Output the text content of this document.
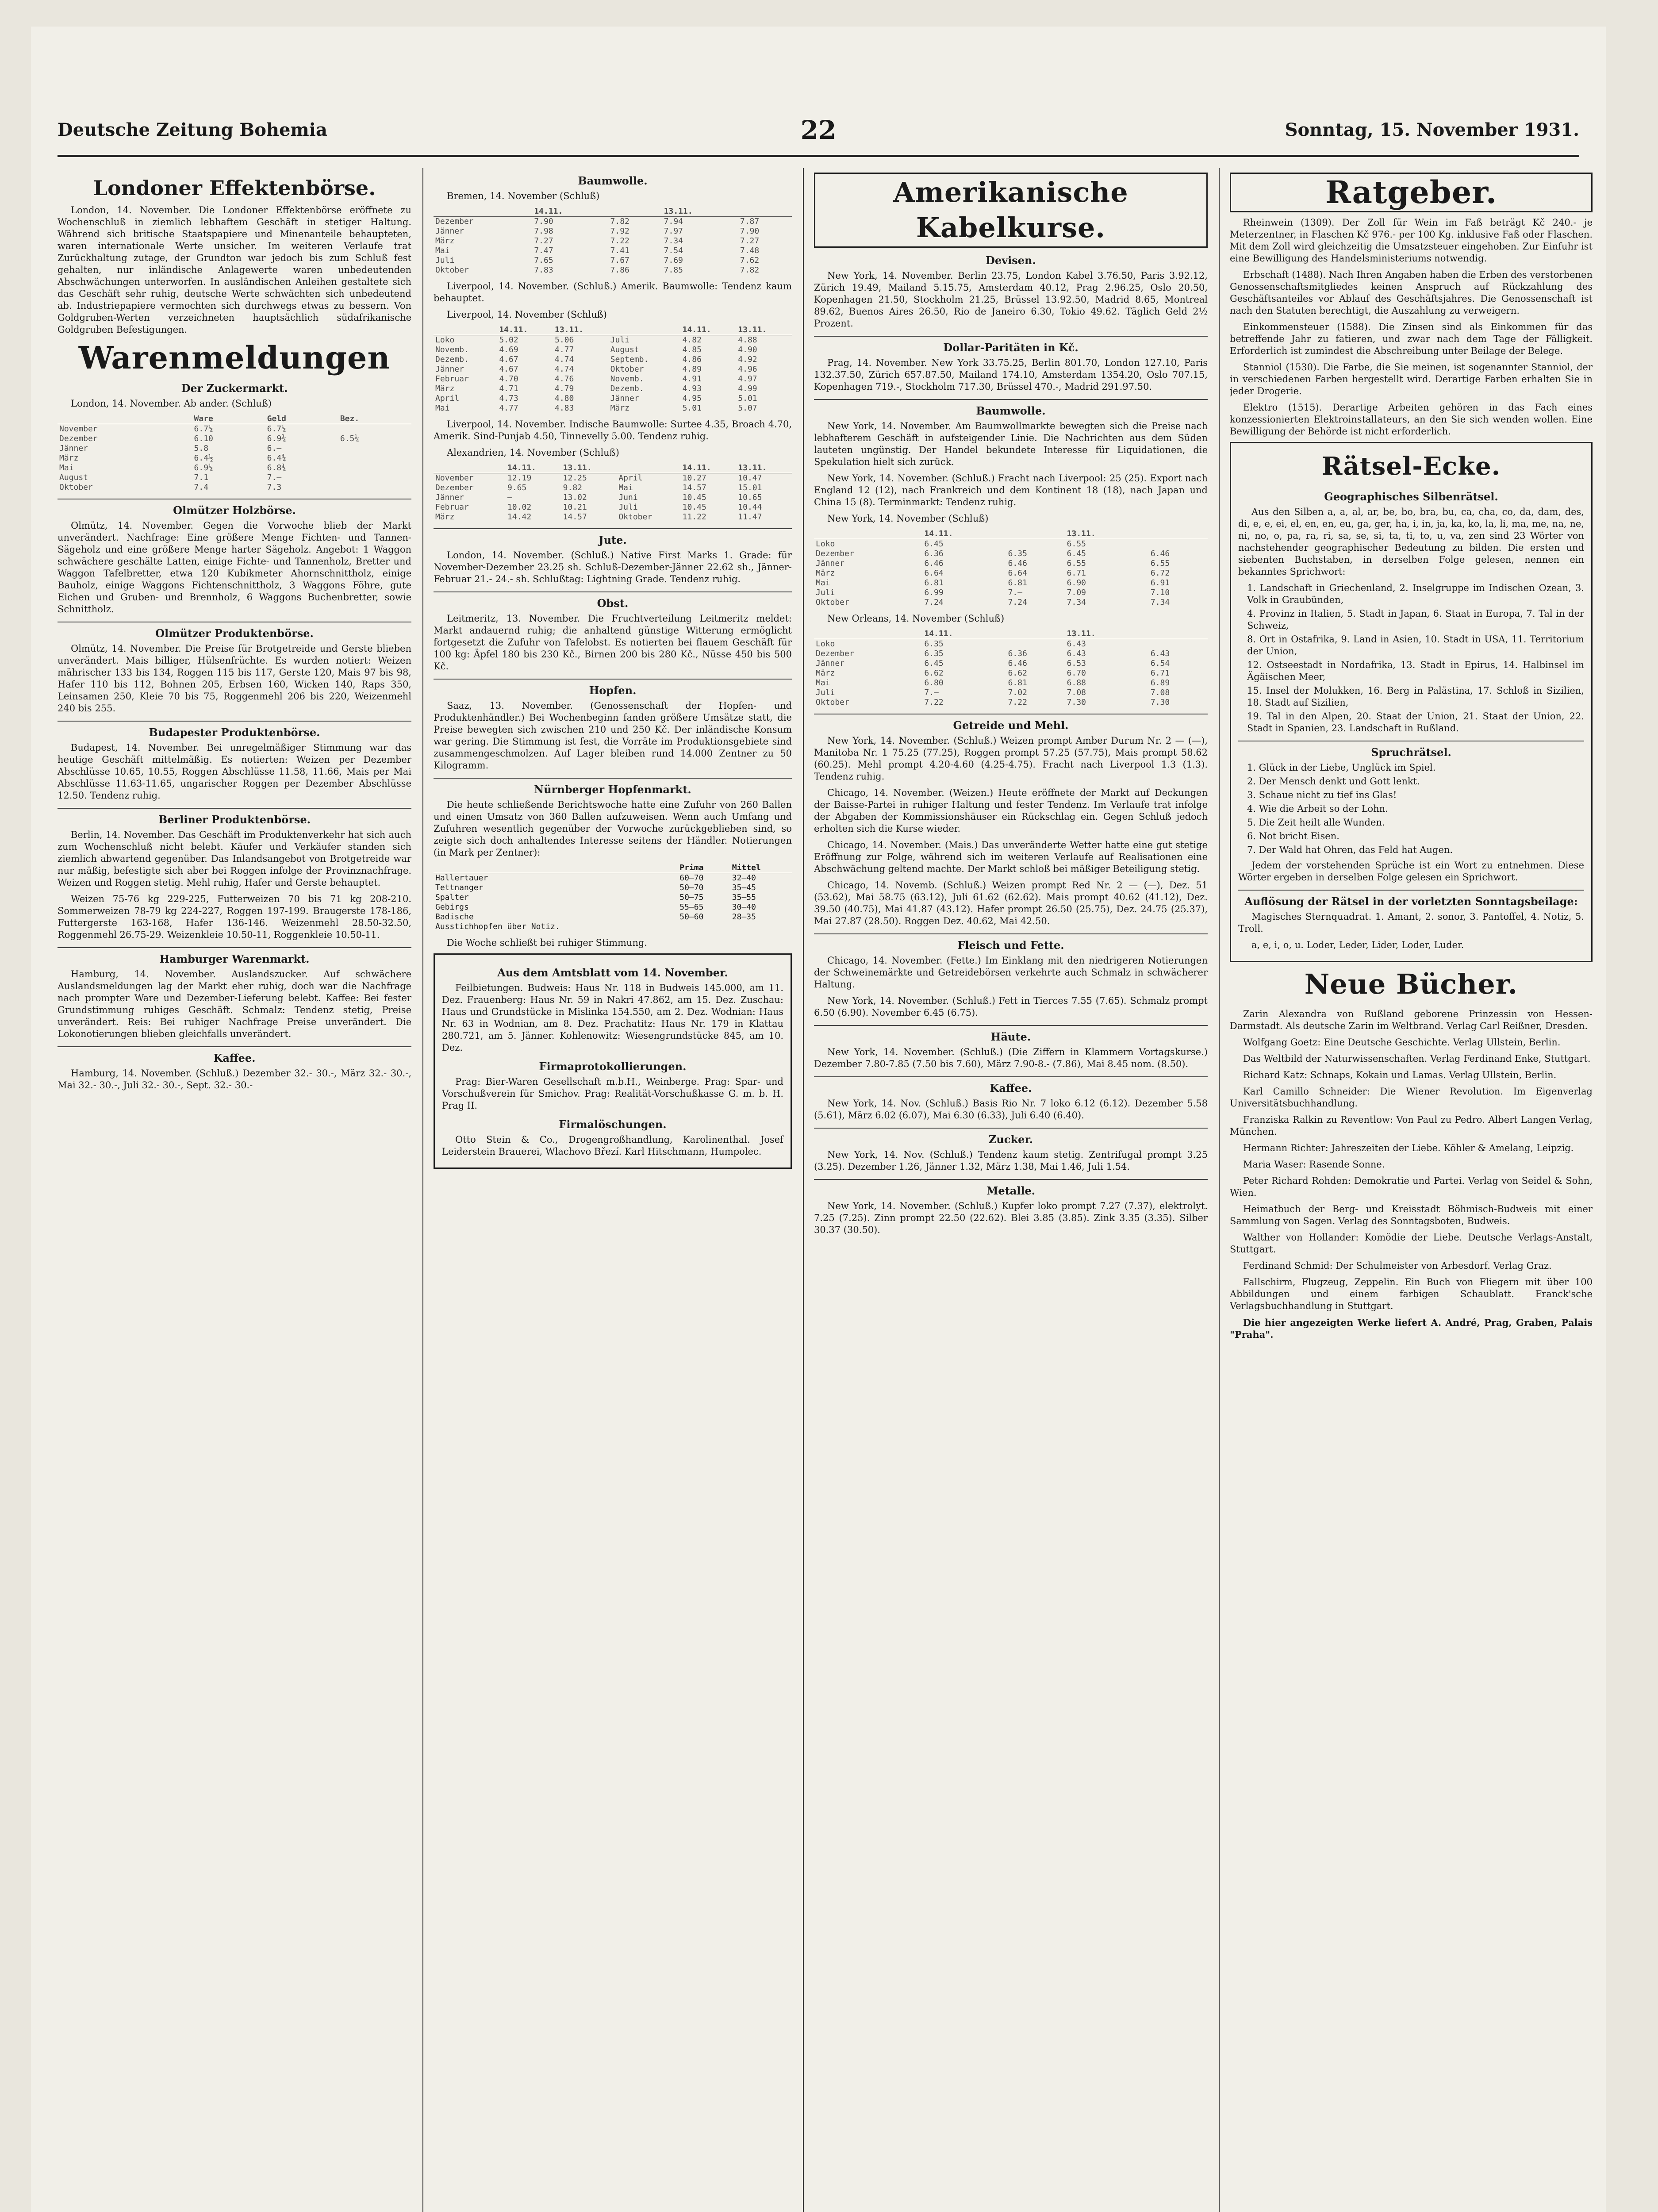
Deutsche Zeitung Bohemia	22	Sonntag, 15. November 1931.
Londoner Effektenbörse.

London, 14. November. Die Londoner Effektenbörse eröffnete zu Wochenschluß in ziemlich lebhaftem Geschäft in stetiger Haltung. Während sich britische Staatspapiere und Minenanteile behaupteten, waren internationale Werte unsicher. Im weiteren Verlaufe trat Zurückhaltung zutage, der Grundton war jedoch bis zum Schluß fest gehalten, nur inländische Anlagewerte waren unbedeutenden Abschwächungen unterworfen. In ausländischen Anleihen gestaltete sich das Geschäft sehr ruhig, deutsche Werte schwächten sich unbedeutend ab. Industriepapiere vermochten sich durchwegs etwas zu bessern. Von Goldgruben-Werten verzeichneten hauptsächlich südafrikanische Goldgruben Befestigungen.

Warenmeldungen
Der Zuckermarkt.

London, 14. November. Ab ander. (Schluß)

	Ware	Geld	Bez.
November	6.7¼	6.7¼	
Dezember	6.10	6.9¾	6.5¼
Jänner	5.8	6.—	
März	6.4½	6.4¾	
Mai	6.9¼	6.8¾	
August	7.1	7.—	
Oktober	7.4	7.3	
Olmützer Holzbörse.

Olmütz, 14. November. Gegen die Vorwoche blieb der Markt unverändert. Nachfrage: Eine größere Menge Fichten- und Tannen-Sägeholz und eine größere Menge harter Sägeholz. Angebot: 1 Waggon schwächere geschälte Latten, einige Fichte- und Tannenholz, Bretter und Waggon Tafelbretter, etwa 120 Kubikmeter Ahornschnittholz, einige Bauholz, einige Waggons Fichtenschnittholz, 3 Waggons Föhre, gute Eichen und Gruben- und Brennholz, 6 Waggons Buchenbretter, sowie Schnittholz.

Olmützer Produktenbörse.

Olmütz, 14. November. Die Preise für Brotgetreide und Gerste blieben unverändert. Mais billiger, Hülsenfrüchte. Es wurden notiert: Weizen mährischer 133 bis 134, Roggen 115 bis 117, Gerste 120, Mais 97 bis 98, Hafer 110 bis 112, Bohnen 205, Erbsen 160, Wicken 140, Raps 350, Leinsamen 250, Kleie 70 bis 75, Roggenmehl 206 bis 220, Weizenmehl 240 bis 255.

Budapester Produktenbörse.

Budapest, 14. November. Bei unregelmäßiger Stimmung war das heutige Geschäft mittelmäßig. Es notierten: Weizen per Dezember Abschlüsse 10.65, 10.55, Roggen Abschlüsse 11.58, 11.66, Mais per Mai Abschlüsse 11.63-11.65, ungarischer Roggen per Dezember Abschlüsse 12.50. Tendenz ruhig.

Berliner Produktenbörse.

Berlin, 14. November. Das Geschäft im Produktenverkehr hat sich auch zum Wochenschluß nicht belebt. Käufer und Verkäufer standen sich ziemlich abwartend gegenüber. Das Inlandsangebot von Brotgetreide war nur mäßig, befestigte sich aber bei Roggen infolge der Provinznachfrage. Weizen und Roggen stetig. Mehl ruhig, Hafer und Gerste behauptet.

Weizen 75-76 kg 229-225, Futterweizen 70 bis 71 kg 208-210. Sommerweizen 78-79 kg 224-227, Roggen 197-199. Braugerste 178-186, Futtergerste 163-168, Hafer 136-146. Weizenmehl 28.50-32.50, Roggenmehl 26.75-29. Weizenkleie 10.50-11, Roggenkleie 10.50-11.

Hamburger Warenmarkt.

Hamburg, 14. November. Auslandszucker. Auf schwächere Auslandsmeldungen lag der Markt eher ruhig, doch war die Nachfrage nach prompter Ware und Dezember-Lieferung belebt. Kaffee: Bei fester Grundstimmung ruhiges Geschäft. Schmalz: Tendenz stetig, Preise unverändert. Reis: Bei ruhiger Nachfrage Preise unverändert. Die Lokonotierungen blieben gleichfalls unverändert.

Kaffee.

Hamburg, 14. November. (Schluß.) Dezember 32.- 30.-, März 32.- 30.-, Mai 32.- 30.-, Juli 32.- 30.-, Sept. 32.- 30.-

Baumwolle.

Bremen, 14. November (Schluß)

	14.11.		13.11.	
Dezember	7.90	7.82	7.94	7.87
Jänner	7.98	7.92	7.97	7.90
März	7.27	7.22	7.34	7.27
Mai	7.47	7.41	7.54	7.48
Juli	7.65	7.67	7.69	7.62
Oktober	7.83	7.86	7.85	7.82

Liverpool, 14. November. (Schluß.) Amerik. Baumwolle: Tendenz kaum behauptet.

Liverpool, 14. November (Schluß)

	14.11.	13.11.		14.11.	13.11.
Loko	5.02	5.06	Juli	4.82	4.88
Novemb.	4.69	4.77	August	4.85	4.90
Dezemb.	4.67	4.74	Septemb.	4.86	4.92
Jänner	4.67	4.74	Oktober	4.89	4.96
Februar	4.70	4.76	Novemb.	4.91	4.97
März	4.71	4.79	Dezemb.	4.93	4.99
April	4.73	4.80	Jänner	4.95	5.01
Mai	4.77	4.83	März	5.01	5.07

Liverpool, 14. November. Indische Baumwolle: Surtee 4.35, Broach 4.70, Amerik. Sind-Punjab 4.50, Tinnevelly 5.00. Tendenz ruhig.

Alexandrien, 14. November (Schluß)

	14.11.	13.11.		14.11.	13.11.
November	12.19	12.25	April	10.27	10.47
Dezember	9.65	9.82	Mai	14.57	15.01
Jänner	—	13.02	Juni	10.45	10.65
Februar	10.02	10.21	Juli	10.45	10.44
März	14.42	14.57	Oktober	11.22	11.47
Jute.

London, 14. November. (Schluß.) Native First Marks 1. Grade: für November-Dezember 23.25 sh. Schluß-Dezember-Jänner 22.62 sh., Jänner-Februar 21.- 24.- sh. Schlußtag: Lightning Grade. Tendenz ruhig.

Obst.

Leitmeritz, 13. November. Die Fruchtverteilung Leitmeritz meldet: Markt andauernd ruhig; die anhaltend günstige Witterung ermöglicht fortgesetzt die Zufuhr von Tafelobst. Es notierten bei flauem Geschäft für 100 kg: Äpfel 180 bis 230 Kč., Birnen 200 bis 280 Kč., Nüsse 450 bis 500 Kč.

Hopfen.

Saaz, 13. November. (Genossenschaft der Hopfen- und Produktenhändler.) Bei Wochenbeginn fanden größere Umsätze statt, die Preise bewegten sich zwischen 210 und 250 Kč. Der inländische Konsum war gering. Die Stimmung ist fest, die Vorräte im Produktionsgebiete sind zusammengeschmolzen. Auf Lager bleiben rund 14.000 Zentner zu 50 Kilogramm.

Nürnberger Hopfenmarkt.

Die heute schließende Berichtswoche hatte eine Zufuhr von 260 Ballen und einen Umsatz von 360 Ballen aufzuweisen. Wenn auch Umfang und Zufuhren wesentlich gegenüber der Vorwoche zurückgeblieben sind, so zeigte sich doch anhaltendes Interesse seitens der Händler. Notierungen (in Mark per Zentner):

	Prima	Mittel
Hallertauer	60—70	32—40
Tettnanger	50—70	35—45
Spalter	50—75	35—55
Gebirgs	55—65	30—40
Badische	50—60	28—35
Ausstichhopfen über Notiz.		

Die Woche schließt bei ruhiger Stimmung.

Aus dem Amtsblatt vom 14. November.

Feilbietungen. Budweis: Haus Nr. 118 in Budweis 145.000, am 11. Dez. Frauenberg: Haus Nr. 59 in Nakri 47.862, am 15. Dez. Zuschau: Haus und Grundstücke in Mislinka 154.550, am 2. Dez. Wodnian: Haus Nr. 63 in Wodnian, am 8. Dez. Prachatitz: Haus Nr. 179 in Klattau 280.721, am 5. Jänner. Kohlenowitz: Wiesengrundstücke 845, am 10. Dez.

Firmaprotokollierungen.

Prag: Bier-Waren Gesellschaft m.b.H., Weinberge. Prag: Spar- und Vorschußverein für Smichov. Prag: Realität-Vorschußkasse G. m. b. H. Prag II.

Firmalöschungen.

Otto Stein & Co., Drogengroßhandlung, Karolinenthal. Josef Leiderstein Brauerei, Wlachovo Březí. Karl Hitschmann, Humpolec.

Amerikanische Kabelkurse.
Devisen.

New York, 14. November. Berlin 23.75, London Kabel 3.76.50, Paris 3.92.12, Zürich 19.49, Mailand 5.15.75, Amsterdam 40.12, Prag 2.96.25, Oslo 20.50, Kopenhagen 21.50, Stockholm 21.25, Brüssel 13.92.50, Madrid 8.65, Montreal 89.62, Buenos Aires 26.50, Rio de Janeiro 6.30, Tokio 49.62. Täglich Geld 2½ Prozent.

Dollar-Paritäten in Kč.

Prag, 14. November. New York 33.75.25, Berlin 801.70, London 127.10, Paris 132.37.50, Zürich 657.87.50, Mailand 174.10, Amsterdam 1354.20, Oslo 707.15, Kopenhagen 719.-, Stockholm 717.30, Brüssel 470.-, Madrid 291.97.50.

Baumwolle.

New York, 14. November. Am Baumwollmarkte bewegten sich die Preise nach lebhafterem Geschäft in aufsteigender Linie. Die Nachrichten aus dem Süden lauteten ungünstig. Der Handel bekundete Interesse für Liquidationen, die Spekulation hielt sich zurück.

New York, 14. November. (Schluß.) Fracht nach Liverpool: 25 (25). Export nach England 12 (12), nach Frankreich und dem Kontinent 18 (18), nach Japan und China 15 (8). Terminmarkt: Tendenz ruhig.

New York, 14. November (Schluß)

	14.11.		13.11.	
Loko	6.45		6.55	
Dezember	6.36	6.35	6.45	6.46
Jänner	6.46	6.46	6.55	6.55
März	6.64	6.64	6.71	6.72
Mai	6.81	6.81	6.90	6.91
Juli	6.99	7.—	7.09	7.10
Oktober	7.24	7.24	7.34	7.34

New Orleans, 14. November (Schluß)

	14.11.		13.11.	
Loko	6.35		6.43	
Dezember	6.35	6.36	6.43	6.43
Jänner	6.45	6.46	6.53	6.54
März	6.62	6.62	6.70	6.71
Mai	6.80	6.81	6.88	6.89
Juli	7.—	7.02	7.08	7.08
Oktober	7.22	7.22	7.30	7.30
Getreide und Mehl.

New York, 14. November. (Schluß.) Weizen prompt Amber Durum Nr. 2 — (—), Manitoba Nr. 1 75.25 (77.25), Roggen prompt 57.25 (57.75), Mais prompt 58.62 (60.25). Mehl prompt 4.20-4.60 (4.25-4.75). Fracht nach Liverpool 1.3 (1.3). Tendenz ruhig.

Chicago, 14. November. (Weizen.) Heute eröffnete der Markt auf Deckungen der Baisse-Partei in ruhiger Haltung und fester Tendenz. Im Verlaufe trat infolge der Abgaben der Kommissionshäuser ein Rückschlag ein. Gegen Schluß jedoch erholten sich die Kurse wieder.

Chicago, 14. November. (Mais.) Das unveränderte Wetter hatte eine gut stetige Eröffnung zur Folge, während sich im weiteren Verlaufe auf Realisationen eine Abschwächung geltend machte. Der Markt schloß bei mäßiger Beteiligung stetig.

Chicago, 14. Novemb. (Schluß.) Weizen prompt Red Nr. 2 — (—), Dez. 51 (53.62), Mai 58.75 (63.12), Juli 61.62 (62.62). Mais prompt 40.62 (41.12), Dez. 39.50 (40.75), Mai 41.87 (43.12). Hafer prompt 26.50 (25.75), Dez. 24.75 (25.37), Mai 27.87 (28.50). Roggen Dez. 40.62, Mai 42.50.

Fleisch und Fette.

Chicago, 14. November. (Fette.) Im Einklang mit den niedrigeren Notierungen der Schweinemärkte und Getreidebörsen verkehrte auch Schmalz in schwächerer Haltung.

New York, 14. November. (Schluß.) Fett in Tierces 7.55 (7.65). Schmalz prompt 6.50 (6.90). November 6.45 (6.75).

Häute.

New York, 14. November. (Schluß.) (Die Ziffern in Klammern Vortagskurse.) Dezember 7.80-7.85 (7.50 bis 7.60), März 7.90-8.- (7.86), Mai 8.45 nom. (8.50).

Kaffee.

New York, 14. Nov. (Schluß.) Basis Rio Nr. 7 loko 6.12 (6.12). Dezember 5.58 (5.61), März 6.02 (6.07), Mai 6.30 (6.33), Juli 6.40 (6.40).

Zucker.

New York, 14. Nov. (Schluß.) Tendenz kaum stetig. Zentrifugal prompt 3.25 (3.25). Dezember 1.26, Jänner 1.32, März 1.38, Mai 1.46, Juli 1.54.

Metalle.

New York, 14. November. (Schluß.) Kupfer loko prompt 7.27 (7.37), elektrolyt. 7.25 (7.25). Zinn prompt 22.50 (22.62). Blei 3.85 (3.85). Zink 3.35 (3.35). Silber 30.37 (30.50).

Ratgeber.

Rheinwein (1309). Der Zoll für Wein im Faß beträgt Kč 240.- je Meterzentner, in Flaschen Kč 976.- per 100 Kg. inklusive Faß oder Flaschen. Mit dem Zoll wird gleichzeitig die Umsatzsteuer eingehoben. Zur Einfuhr ist eine Bewilligung des Handelsministeriums notwendig.

Erbschaft (1488). Nach Ihren Angaben haben die Erben des verstorbenen Genossenschaftsmitgliedes keinen Anspruch auf Rückzahlung des Geschäftsanteiles vor Ablauf des Geschäftsjahres. Die Genossenschaft ist nach den Statuten berechtigt, die Auszahlung zu verweigern.

Einkommensteuer (1588). Die Zinsen sind als Einkommen für das betreffende Jahr zu fatieren, und zwar nach dem Tage der Fälligkeit. Erforderlich ist zumindest die Abschreibung unter Beilage der Belege.

Stanniol (1530). Die Farbe, die Sie meinen, ist sogenannter Stanniol, der in verschiedenen Farben hergestellt wird. Derartige Farben erhalten Sie in jeder Drogerie.

Elektro (1515). Derartige Arbeiten gehören in das Fach eines konzessionierten Elektroinstallateurs, an den Sie sich wenden wollen. Eine Bewilligung der Behörde ist nicht erforderlich.

Rätsel-Ecke.
Geographisches Silbenrätsel.

Aus den Silben a, a, al, ar, be, bo, bra, bu, ca, cha, co, da, dam, des, di, e, e, ei, el, en, en, eu, ga, ger, ha, i, in, ja, ka, ko, la, li, ma, me, na, ne, ni, no, o, pa, ra, ri, sa, se, si, ta, ti, to, u, va, zen sind 23 Wörter von nachstehender geographischer Bedeutung zu bilden. Die ersten und siebenten Buchstaben, in derselben Folge gelesen, nennen ein bekanntes Sprichwort:

1. Landschaft in Griechenland, 2. Inselgruppe im Indischen Ozean, 3. Volk in Graubünden,
4. Provinz in Italien, 5. Stadt in Japan, 6. Staat in Europa, 7. Tal in der Schweiz,
8. Ort in Ostafrika, 9. Land in Asien, 10. Stadt in USA, 11. Territorium der Union,
12. Ostseestadt in Nordafrika, 13. Stadt in Epirus, 14. Halbinsel im Ägäischen Meer,
15. Insel der Molukken, 16. Berg in Palästina, 17. Schloß in Sizilien, 18. Stadt auf Sizilien,
19. Tal in den Alpen, 20. Staat der Union, 21. Staat der Union, 22. Stadt in Spanien, 23. Landschaft in Rußland.
Spruchrätsel.
1. Glück in der Liebe, Unglück im Spiel.
2. Der Mensch denkt und Gott lenkt.
3. Schaue nicht zu tief ins Glas!
4. Wie die Arbeit so der Lohn.
5. Die Zeit heilt alle Wunden.
6. Not bricht Eisen.
7. Der Wald hat Ohren, das Feld hat Augen.

Jedem der vorstehenden Sprüche ist ein Wort zu entnehmen. Diese Wörter ergeben in derselben Folge gelesen ein Sprichwort.

Auflösung der Rätsel in der vorletzten Sonntagsbeilage:

Magisches Sternquadrat. 1. Amant, 2. sonor, 3. Pantoffel, 4. Notiz, 5. Troll.

a, e, i, o, u. Loder, Leder, Lider, Loder, Luder.

Neue Bücher.

Zarin Alexandra von Rußland geborene Prinzessin von Hessen-Darmstadt. Als deutsche Zarin im Weltbrand. Verlag Carl Reißner, Dresden.

Wolfgang Goetz: Eine Deutsche Geschichte. Verlag Ullstein, Berlin.

Das Weltbild der Naturwissenschaften. Verlag Ferdinand Enke, Stuttgart.

Richard Katz: Schnaps, Kokain und Lamas. Verlag Ullstein, Berlin.

Karl Camillo Schneider: Die Wiener Revolution. Im Eigenverlag Universitätsbuchhandlung.

Franziska Ralkin zu Reventlow: Von Paul zu Pedro. Albert Langen Verlag, München.

Hermann Richter: Jahreszeiten der Liebe. Köhler & Amelang, Leipzig.

Maria Waser: Rasende Sonne.

Peter Richard Rohden: Demokratie und Partei. Verlag von Seidel & Sohn, Wien.

Heimatbuch der Berg- und Kreisstadt Böhmisch-Budweis mit einer Sammlung von Sagen. Verlag des Sonntagsboten, Budweis.

Walther von Hollander: Komödie der Liebe. Deutsche Verlags-Anstalt, Stuttgart.

Ferdinand Schmid: Der Schulmeister von Arbesdorf. Verlag Graz.

Fallschirm, Flugzeug, Zeppelin. Ein Buch von Fliegern mit über 100 Abbildungen und einem farbigen Schaublatt. Franck'sche Verlagsbuchhandlung in Stuttgart.

Die hier angezeigten Werke liefert A. André, Prag, Graben, Palais "Praha".
